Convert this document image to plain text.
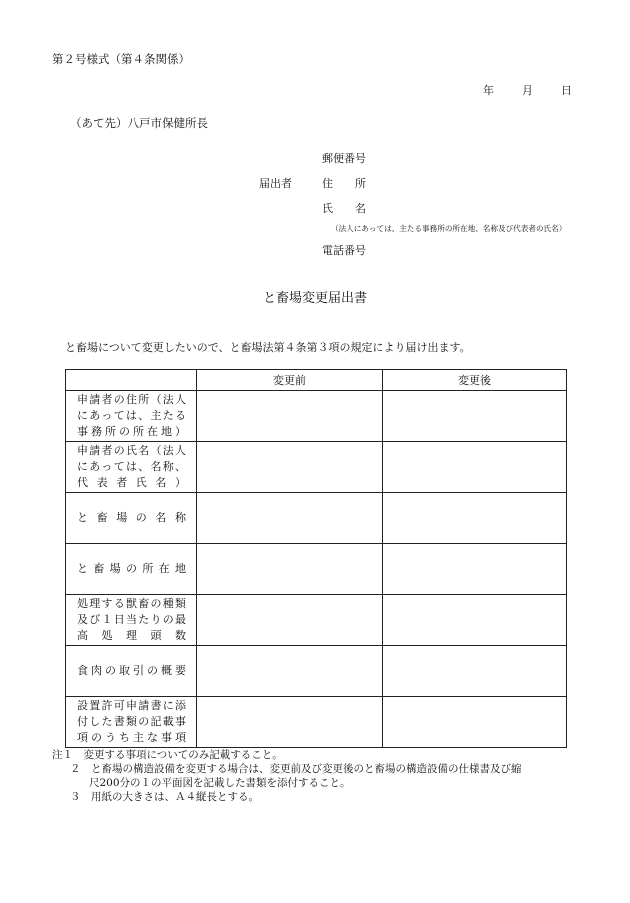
第２号様式（第４条関係）
年	月	日
（あて先）八戸市保健所長
郵便番号
届出者	住　　所
氏　　名
（法人にあっては、主たる事務所の所在地、名称及び代表者の氏名）
電話番号
と畜場変更届出書
と畜場について変更したいので、と畜場法第４条第３項の規定により届け出ます。
	変更前	変更後
申請者の住所（法人にあっては、主たる事務所の所在地）		
申請者の氏名（法人にあっては、名称、代表者氏名）		
と畜場の名称		
と畜場の所在地		
処理する獣畜の種類及び１日当たりの最高処理頭数		
食肉の取引の概要		
設置許可申請書に添付した書類の記載事項のうち主な事項		
注１　変更する事項についてのみ記載すること。
２　と畜場の構造設備を変更する場合は、変更前及び変更後のと畜場の構造設備の仕様書及び縮
尺200分の１の平面図を記載した書類を添付すること。
３　用紙の大きさは、Ａ４縦長とする。
